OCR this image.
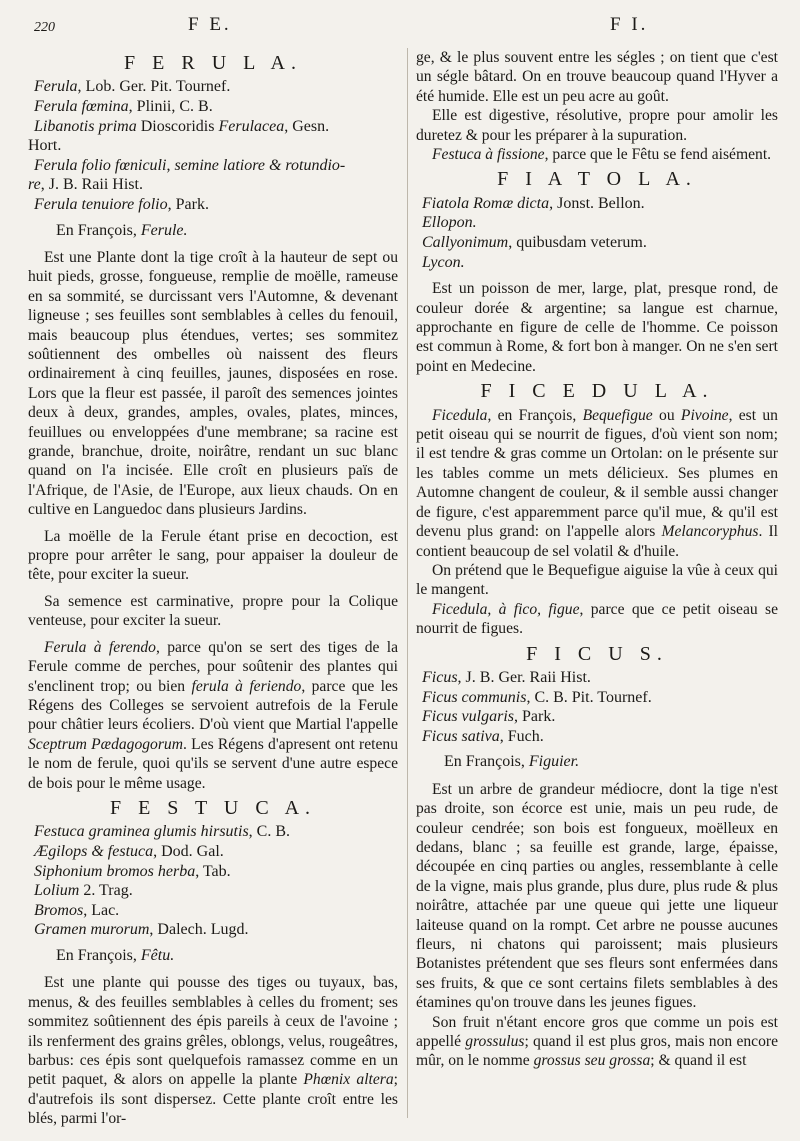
220	F E.	F I.
F E R U L A.

Ferula, Lob. Ger. Pit. Tournef.

Ferula fœmina, Plinii, C. B.

Libanotis prima Dioscoridis Ferulacea, Gesn.

Hort.

Ferula folio fœniculi, semine latiore & rotundio-

re, J. B. Raii Hist.

Ferula tenuiore folio, Park.

En François, Ferule.

Est une Plante dont la tige croît à la hauteur de sept ou huit pieds, grosse, fongueuse, remplie de moëlle, rameuse en sa sommité, se durcissant vers l'Automne, & devenant ligneuse ; ses feuilles sont semblables à celles du fenouil, mais beaucoup plus étendues, vertes; ses sommitez soûtiennent des ombelles où naissent des fleurs ordinairement à cinq feuilles, jaunes, disposées en rose. Lors que la fleur est passée, il paroît des semences jointes deux à deux, grandes, amples, ovales, plates, minces, feuillues ou enveloppées d'une membrane; sa racine est grande, branchue, droite, noirâtre, rendant un suc blanc quand on l'a incisée. Elle croît en plusieurs païs de l'Afrique, de l'Asie, de l'Europe, aux lieux chauds. On en cultive en Languedoc dans plusieurs Jardins.

La moëlle de la Ferule étant prise en decoction, est propre pour arrêter le sang, pour appaiser la douleur de tête, pour exciter la sueur.

Sa semence est carminative, propre pour la Colique venteuse, pour exciter la sueur.

Ferula à ferendo, parce qu'on se sert des tiges de la Ferule comme de perches, pour soûtenir des plantes qui s'enclinent trop; ou bien ferula à feriendo, parce que les Régens des Colleges se servoient autrefois de la Ferule pour châtier leurs écoliers. D'où vient que Martial l'appelle Sceptrum Pædagogorum. Les Régens d'apresent ont retenu le nom de ferule, quoi qu'ils se servent d'une autre espece de bois pour le même usage.

F E S T U C A.

Festuca graminea glumis hirsutis, C. B.

Ægilops & festuca, Dod. Gal.

Siphonium bromos herba, Tab.

Lolium 2. Trag.

Bromos, Lac.

Gramen murorum, Dalech. Lugd.

En François, Fêtu.

Est une plante qui pousse des tiges ou tuyaux, bas, menus, & des feuilles semblables à celles du froment; ses sommitez soûtiennent des épis pareils à ceux de l'avoine ; ils renferment des grains grêles, oblongs, velus, rougeâtres, barbus: ces épis sont quelquefois ramassez comme en un petit paquet, & alors on appelle la plante Phœnix altera; d'autrefois ils sont dispersez. Cette plante croît entre les blés, parmi l'or-

ge, & le plus souvent entre les ségles ; on tient que c'est un ségle bâtard. On en trouve beaucoup quand l'Hyver a été humide. Elle est un peu acre au goût.

Elle est digestive, résolutive, propre pour amolir les duretez & pour les préparer à la supuration.

Festuca à fissione, parce que le Fêtu se fend aisément.

F I A T O L A.

Fiatola Romæ dicta, Jonst. Bellon.

Ellopon.

Callyonimum, quibusdam veterum.

Lycon.

Est un poisson de mer, large, plat, presque rond, de couleur dorée & argentine; sa langue est charnue, approchante en figure de celle de l'homme. Ce poisson est commun à Rome, & fort bon à manger. On ne s'en sert point en Medecine.

F I C E D U L A.

Ficedula, en François, Bequefigue ou Pivoine, est un petit oiseau qui se nourrit de figues, d'où vient son nom; il est tendre & gras comme un Ortolan: on le présente sur les tables comme un mets délicieux. Ses plumes en Automne changent de couleur, & il semble aussi changer de figure, c'est apparemment parce qu'il mue, & qu'il est devenu plus grand: on l'appelle alors Melancoryphus. Il contient beaucoup de sel volatil & d'huile.

On prétend que le Bequefigue aiguise la vûe à ceux qui le mangent.

Ficedula, à fico, figue, parce que ce petit oiseau se nourrit de figues.

F I C U S.

Ficus, J. B. Ger. Raii Hist.

Ficus communis, C. B. Pit. Tournef.

Ficus vulgaris, Park.

Ficus sativa, Fuch.

En François, Figuier.

Est un arbre de grandeur médiocre, dont la tige n'est pas droite, son écorce est unie, mais un peu rude, de couleur cendrée; son bois est fongueux, moëlleux en dedans, blanc ; sa feuille est grande, large, épaisse, découpée en cinq parties ou angles, ressemblante à celle de la vigne, mais plus grande, plus dure, plus rude & plus noirâtre, attachée par une queue qui jette une liqueur laiteuse quand on la rompt. Cet arbre ne pousse aucunes fleurs, ni chatons qui paroissent; mais plusieurs Botanistes prétendent que ses fleurs sont enfermées dans ses fruits, & que ce sont certains filets semblables à des étamines qu'on trouve dans les jeunes figues.

Son fruit n'étant encore gros que comme un pois est appellé grossulus; quand il est plus gros, mais non encore mûr, on le nomme grossus seu grossa; & quand il est
